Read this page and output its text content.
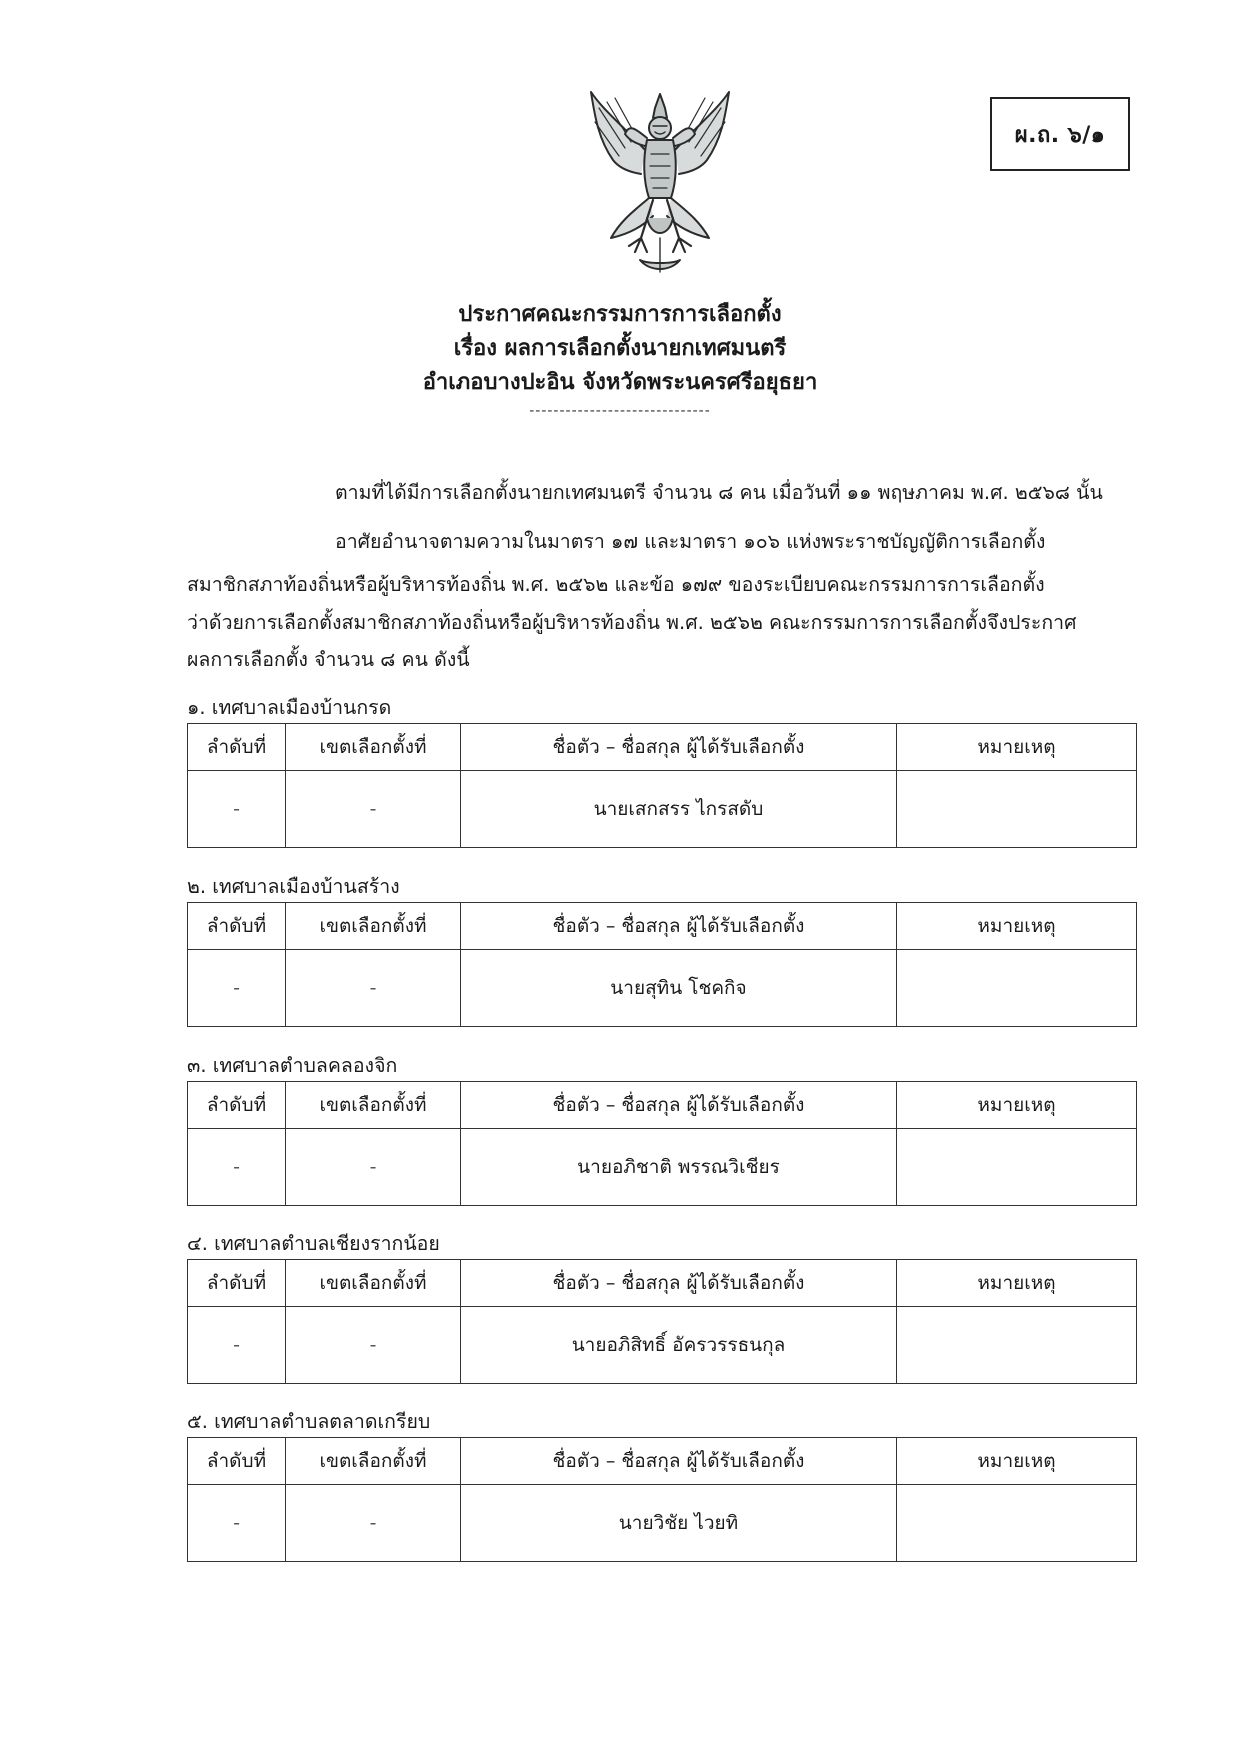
ผ.ถ. ๖/๑
ประกาศคณะกรรมการการเลือกตั้ง
เรื่อง ผลการเลือกตั้งนายกเทศมนตรี
อำเภอบางปะอิน จังหวัดพระนครศรีอยุธยา
------------------------------
ตามที่ได้มีการเลือกตั้งนายกเทศมนตรี จำนวน ๘ คน เมื่อวันที่ ๑๑ พฤษภาคม พ.ศ. ๒๕๖๘ นั้น
อาศัยอำนาจตามความในมาตรา ๑๗ และมาตรา ๑๐๖ แห่งพระราชบัญญัติการเลือกตั้ง
สมาชิกสภาท้องถิ่นหรือผู้บริหารท้องถิ่น พ.ศ. ๒๕๖๒ และข้อ ๑๗๙ ของระเบียบคณะกรรมการการเลือกตั้ง
ว่าด้วยการเลือกตั้งสมาชิกสภาท้องถิ่นหรือผู้บริหารท้องถิ่น พ.ศ. ๒๕๖๒ คณะกรรมการการเลือกตั้งจึงประกาศ
ผลการเลือกตั้ง จำนวน ๘ คน ดังนี้
๑. เทศบาลเมืองบ้านกรด
ลำดับที่	เขตเลือกตั้งที่	ชื่อตัว – ชื่อสกุล ผู้ได้รับเลือกตั้ง	หมายเหตุ
-	-	นายเสกสรร ไกรสดับ	
๒. เทศบาลเมืองบ้านสร้าง
ลำดับที่	เขตเลือกตั้งที่	ชื่อตัว – ชื่อสกุล ผู้ได้รับเลือกตั้ง	หมายเหตุ
-	-	นายสุทิน โชคกิจ	
๓. เทศบาลตำบลคลองจิก
ลำดับที่	เขตเลือกตั้งที่	ชื่อตัว – ชื่อสกุล ผู้ได้รับเลือกตั้ง	หมายเหตุ
-	-	นายอภิชาติ พรรณวิเชียร	
๔. เทศบาลตำบลเชียงรากน้อย
ลำดับที่	เขตเลือกตั้งที่	ชื่อตัว – ชื่อสกุล ผู้ได้รับเลือกตั้ง	หมายเหตุ
-	-	นายอภิสิทธิ์ อัครวรรธนกุล	
๕. เทศบาลตำบลตลาดเกรียบ
ลำดับที่	เขตเลือกตั้งที่	ชื่อตัว – ชื่อสกุล ผู้ได้รับเลือกตั้ง	หมายเหตุ
-	-	นายวิชัย ไวยทิ	
